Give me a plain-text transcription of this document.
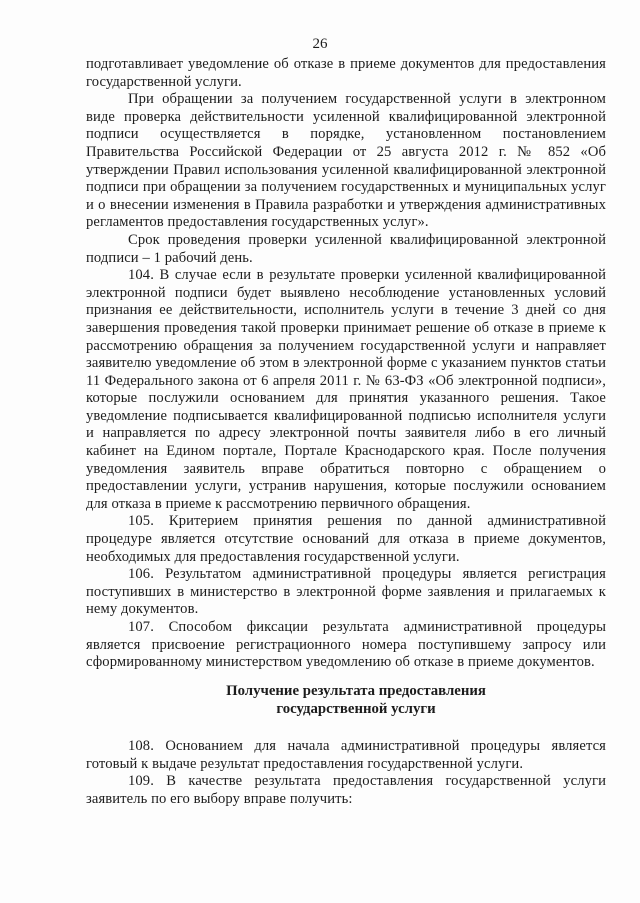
26

подготавливает уведомление об отказе в приеме документов для предоставления государственной услуги.

При обращении за получением государственной услуги в электронном виде проверка действительности усиленной квалифицированной электронной подписи осуществляется в порядке, установленном постановлением Правительства Российской Федерации от 25 августа 2012 г. № 852 «Об утверждении Правил использования усиленной квалифицированной электронной подписи при обращении за получением государственных и муниципальных услуг и о внесении изменения в Правила разработки и утверждения административных регламентов предоставления государственных услуг».

Срок проведения проверки усиленной квалифицированной электронной подписи – 1 рабочий день.

104. В случае если в результате проверки усиленной квалифицированной электронной подписи будет выявлено несоблюдение установленных условий признания ее действительности, исполнитель услуги в течение 3 дней со дня завершения проведения такой проверки принимает решение об отказе в приеме к рассмотрению обращения за получением государственной услуги и направляет заявителю уведомление об этом в электронной форме с указанием пунктов статьи 11 Федерального закона от 6 апреля 2011 г. № 63-ФЗ «Об электронной подписи», которые послужили основанием для принятия указанного решения. Такое уведомление подписывается квалифицированной подписью исполнителя услуги и направляется по адресу электронной почты заявителя либо в его личный кабинет на Едином портале, Портале Краснодарского края. После получения уведомления заявитель вправе обратиться повторно с обращением о предоставлении услуги, устранив нарушения, которые послужили основанием для отказа в приеме к рассмотрению первичного обращения.

105. Критерием принятия решения по данной административной процедуре является отсутствие оснований для отказа в приеме документов, необходимых для предоставления государственной услуги.

106. Результатом административной процедуры является регистрация поступивших в министерство в электронной форме заявления и прилагаемых к нему документов.

107. Способом фиксации результата административной процедуры является присвоение регистрационного номера поступившему запросу или сформированному министерством уведомлению об отказе в приеме документов.

Получение результата предоставления
государственной услуги

108. Основанием для начала административной процедуры является готовый к выдаче результат предоставления государственной услуги.

109. В качестве результата предоставления государственной услуги заявитель по его выбору вправе получить:
